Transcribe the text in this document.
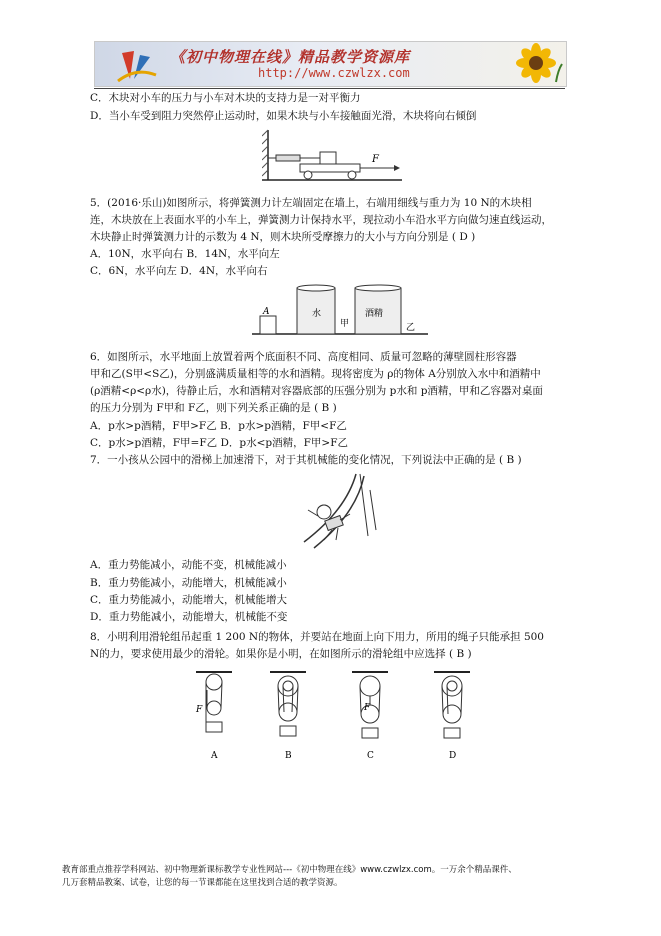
《初中物理在线》精品教学资源库
http://www.czwlzx.com
C．木块对小车的压力与小车对木块的支持力是一对平衡力
D．当小车受到阻力突然停止运动时，如果木块与小车接触面光滑，木块将向右倾倒
F
5．(2016·乐山)如图所示，将弹簧测力计左端固定在墙上，右端用细线与重力为 10 N的木块相
连，木块放在上表面水平的小车上，弹簧测力计保持水平，现拉动小车沿水平方向做匀速直线运动，
木块静止时弹簧测力计的示数为 4 N，则木块所受摩擦力的大小与方向分别是 ( D )
A．10N，水平向右 B．14N，水平向左
C．6N，水平向左 D．4N，水平向右
A	水
甲
酒精
乙
6．如图所示，水平地面上放置着两个底面积不同、高度相同、质量可忽略的薄壁圆柱形容器
甲和乙(S甲<S乙)，分别盛满质量相等的水和酒精。现将密度为 ρ的物体 A分别放入水中和酒精中
(ρ酒精<ρ<ρ水)，待静止后，水和酒精对容器底部的压强分别为 p水和 p酒精，甲和乙容器对桌面
的压力分别为 F甲和 F乙，则下列关系正确的是 ( B )
A．p水>p酒精，F甲>F乙 B．p水>p酒精，F甲<F乙
C．p水>p酒精，F甲=F乙 D．p水<p酒精，F甲>F乙
7．一小孩从公园中的滑梯上加速滑下，对于其机械能的变化情况，下列说法中正确的是 ( B )
A．重力势能减小，动能不变，机械能减小
B．重力势能减小，动能增大，机械能减小
C．重力势能减小，动能增大，机械能增大
D．重力势能减小，动能增大，机械能不变
8．小明利用滑轮组吊起重 1 200 N的物体，并要站在地面上向下用力，所用的绳子只能承担 500
N的力，要求使用最少的滑轮。如果你是小明，在如图所示的滑轮组中应选择 ( B )
F
A	B
F
C	D
教育部重点推荐学科网站、初中物理新课标教学专业性网站---《初中物理在线》www.czwlzx.com。一万余个精品课件、
几万套精品教案、试卷，让您的每一节课都能在这里找到合适的教学资源。
